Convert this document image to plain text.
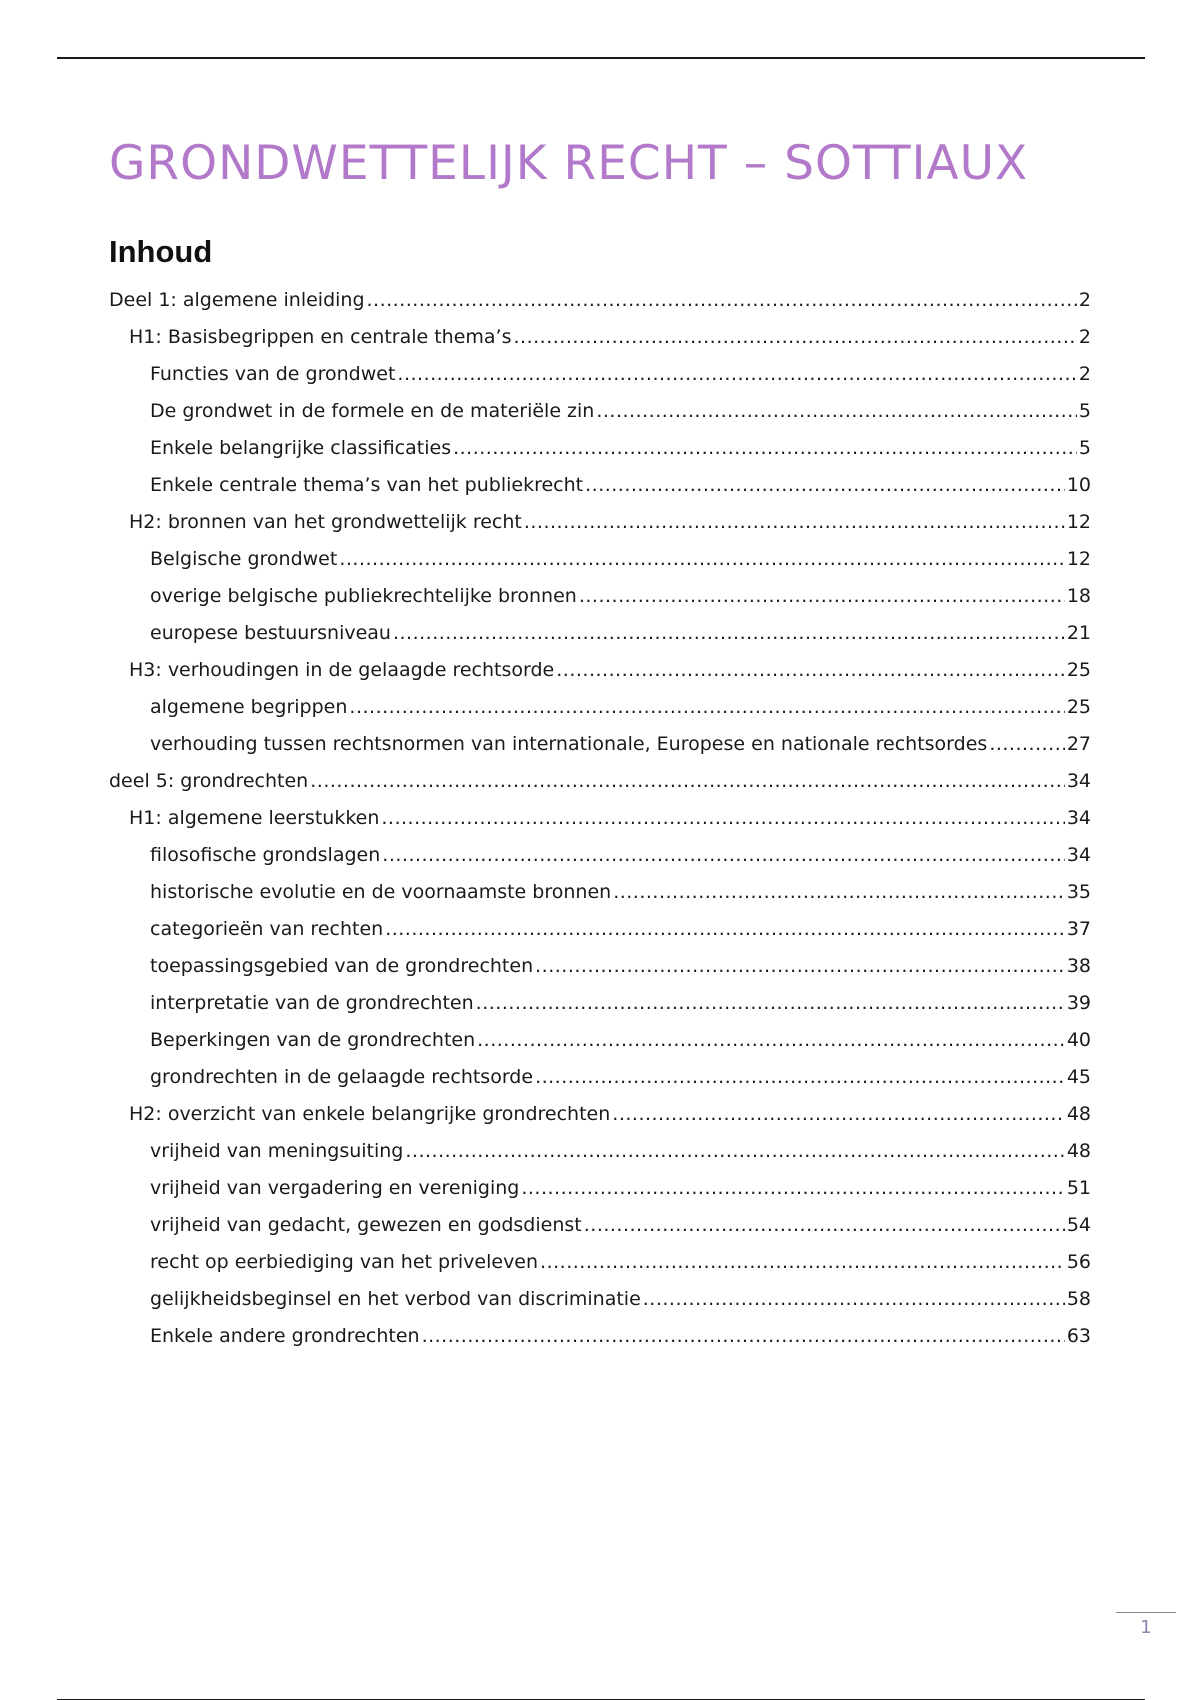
GRONDWETTELIJK RECHT – SOTTIAUX
Inhoud
Deel 1: algemene inleiding .....	2
H1: Basisbegrippen en centrale thema’s .....	2
Functies van de grondwet .....	2
De grondwet in de formele en de materiële zin .....	5
Enkele belangrijke classificaties .....	5
Enkele centrale thema’s van het publiekrecht .....	10
H2: bronnen van het grondwettelijk recht .....	12
Belgische grondwet .....	12
overige belgische publiekrechtelijke bronnen .....	18
europese bestuursniveau .....	21
H3: verhoudingen in de gelaagde rechtsorde .....	25
algemene begrippen .....	25
verhouding tussen rechtsnormen van internationale, Europese en nationale rechtsordes .....	27
deel 5: grondrechten .....	34
H1: algemene leerstukken .....	34
filosofische grondslagen .....	34
historische evolutie en de voornaamste bronnen .....	35
categorieën van rechten .....	37
toepassingsgebied van de grondrechten .....	38
interpretatie van de grondrechten .....	39
Beperkingen van de grondrechten .....	40
grondrechten in de gelaagde rechtsorde .....	45
H2: overzicht van enkele belangrijke grondrechten .....	48
vrijheid van meningsuiting .....	48
vrijheid van vergadering en vereniging .....	51
vrijheid van gedacht, gewezen en godsdienst .....	54
recht op eerbiediging van het priveleven .....	56
gelijkheidsbeginsel en het verbod van discriminatie .....	58
Enkele andere grondrechten .....	63
1
